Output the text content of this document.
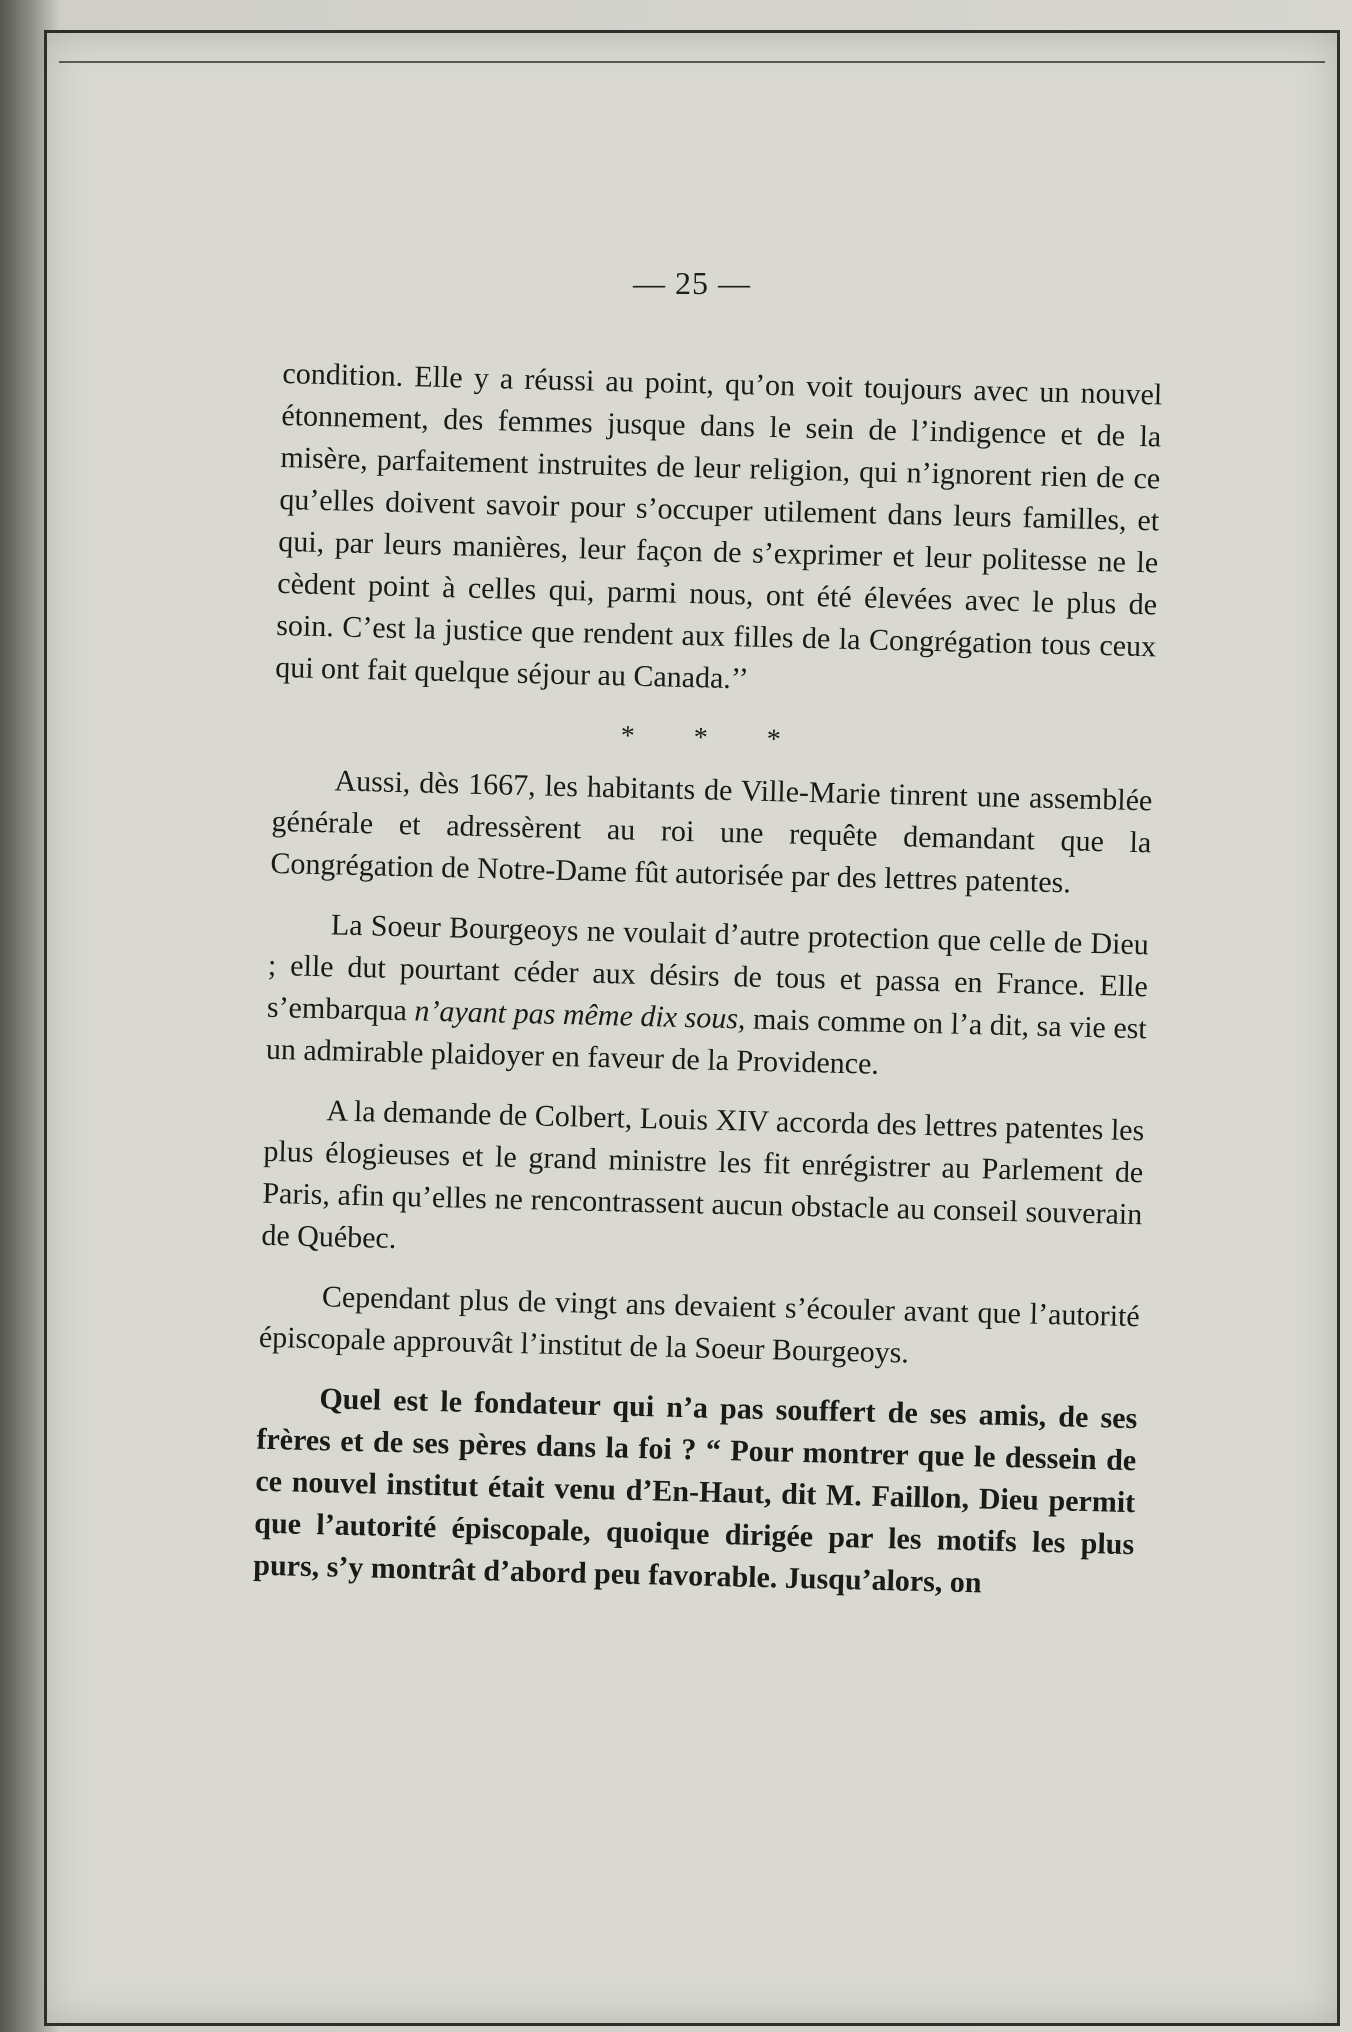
— 25 —

condition. Elle y a réussi au point, qu’on voit toujours avec un nouvel étonnement, des femmes jusque dans le sein de l’indigence et de la misère, parfaitement instruites de leur religion, qui n’ignorent rien de ce qu’elles doivent savoir pour s’occuper utilement dans leurs familles, et qui, par leurs manières, leur façon de s’exprimer et leur politesse ne le cèdent point à celles qui, parmi nous, ont été élevées avec le plus de soin. C’est la justice que rendent aux filles de la Congrégation tous ceux qui ont fait quelque séjour au Canada.’’

* * *

Aussi, dès 1667, les habitants de Ville-Marie tinrent une assemblée générale et adressèrent au roi une requête demandant que la Congrégation de Notre-Dame fût autorisée par des lettres patentes.

La Soeur Bourgeoys ne voulait d’autre protection que celle de Dieu ; elle dut pourtant céder aux désirs de tous et passa en France. Elle s’embarqua n’ayant pas même dix sous, mais comme on l’a dit, sa vie est un admirable plaidoyer en faveur de la Providence.

A la demande de Colbert, Louis XIV accorda des lettres patentes les plus élogieuses et le grand ministre les fit enrégistrer au Parlement de Paris, afin qu’elles ne rencontrassent aucun obstacle au conseil souverain de Québec.

Cependant plus de vingt ans devaient s’écouler avant que l’autorité épiscopale approuvât l’institut de la Soeur Bourgeoys.

Quel est le fondateur qui n’a pas souffert de ses amis, de ses frères et de ses pères dans la foi ? “ Pour montrer que le dessein de ce nouvel institut était venu d’En-Haut, dit M. Faillon, Dieu permit que l’autorité épiscopale, quoique dirigée par les motifs les plus purs, s’y montrât d’abord peu favorable. Jusqu’alors, on
